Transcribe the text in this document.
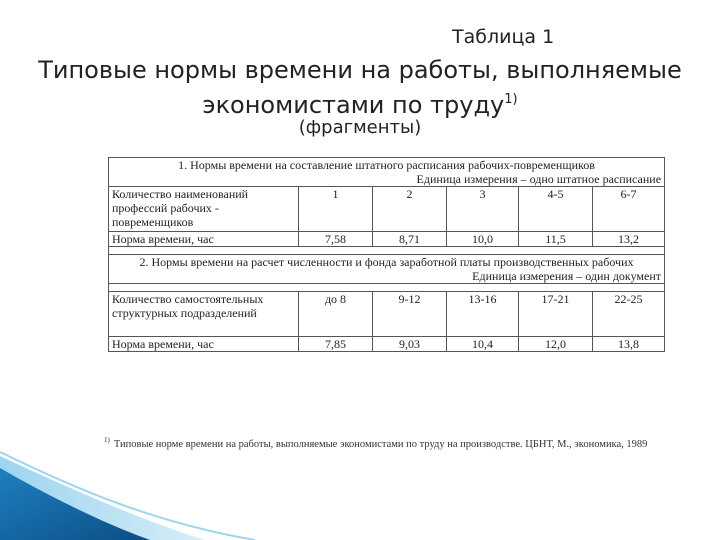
Таблица 1
Типовые нормы времени на работы, выполняемые
экономистами по труду$^{1)}$
(фрагменты)
1. Нормы времени на составление штатного расписания рабочих-повременщиков
Единица измерения – одно штатное расписание					

Количество наименований профессий рабочих - повременщиков	1	2	3	4-5	6-7
Норма времени, час	7,58	8,71	10,0	11,5	13,2

2. Нормы времени на расчет численности и фонда заработной платы производственных рабочих
Единица измерения – один документ					

Количество самостоятельных структурных подразделений	до 8	9-12	13-16	17-21	22-25
Норма времени, час	7,85	9,03	10,4	12,0	13,8
$^{1)}$ Типовые норме времени на работы, выполняемые экономистами по труду на производстве. ЦБНТ, М., экономика, 1989
